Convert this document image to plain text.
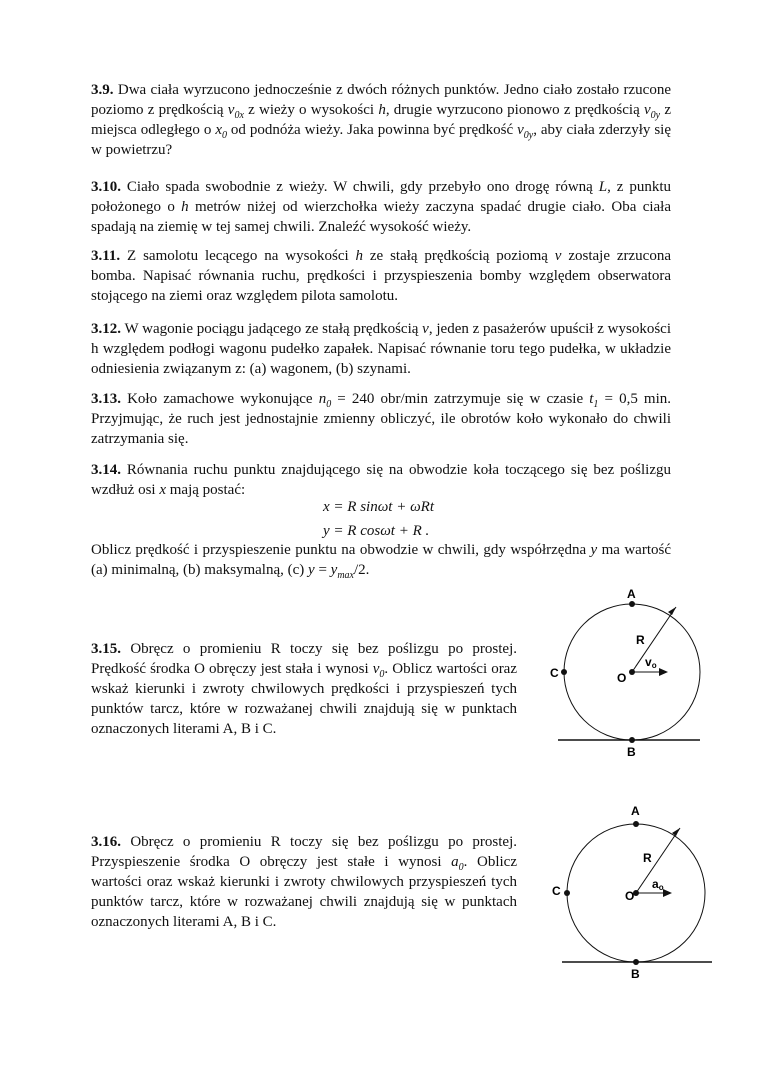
3.9. Dwa ciała wyrzucono jednocześnie z dwóch różnych punktów. Jedno ciało zostało rzucone poziomo z prędkością $v_{0x}$ z wieży o wysokości h, drugie wyrzucono pionowo z prędkością $v_{0y}$ z miejsca odległego o $x_0$ od podnóża wieży. Jaka powinna być prędkość $v_{0y}$, aby ciała zderzyły się w powietrzu?

3.10. Ciało spada swobodnie z wieży. W chwili, gdy przebyło ono drogę równą L, z punktu położonego o h metrów niżej od wierzchołka wieży zaczyna spadać drugie ciało. Oba ciała spadają na ziemię w tej samej chwili. Znaleźć wysokość wieży.

3.11. Z samolotu lecącego na wysokości h ze stałą prędkością poziomą v zostaje zrzucona bomba. Napisać równania ruchu, prędkości i przyspieszenia bomby względem obserwatora stojącego na ziemi oraz względem pilota samolotu.

3.12. W wagonie pociągu jadącego ze stałą prędkością v, jeden z pasażerów upuścił z wysokości h względem podłogi wagonu pudełko zapałek. Napisać równanie toru tego pudełka, w układzie odniesienia związanym z: (a) wagonem, (b) szynami.

3.13. Koło zamachowe wykonujące $n_0 = 240$ obr/min zatrzymuje się w czasie $t_1 = 0,5$ min. Przyjmując, że ruch jest jednostajnie zmienny obliczyć, ile obrotów koło wykonało do chwili zatrzymania się.

3.14. Równania ruchu punktu znajdującego się na obwodzie koła toczącego się bez poślizgu wzdłuż osi x mają postać:

x = R sinωt + ωRt
y = R cosωt + R .

Oblicz prędkość i przyspieszenie punktu na obwodzie w chwili, gdy współrzędna y ma wartość (a) minimalną, (b) maksymalną, (c) $y = y_{max}/2$.

3.15. Obręcz o promieniu R toczy się bez poślizgu po prostej. Prędkość środka O obręczy jest stała i wynosi $v_0$. Oblicz wartości oraz wskaż kierunki i zwroty chwilowych prędkości i przyspieszeń tych punktów tarcz, które w rozważanej chwili znajdują się w punktach oznaczonych literami A, B i C.

A
B
C	O
R
vo

3.16. Obręcz o promieniu R toczy się bez poślizgu po prostej. Przyspieszenie środka O obręczy jest stałe i wynosi $a_0$. Oblicz wartości oraz wskaż kierunki i zwroty chwilowych przyspieszeń tych punktów tarcz, które w rozważanej chwili znajdują się w punktach oznaczonych literami A, B i C.

A
B
C	O
R
ao
